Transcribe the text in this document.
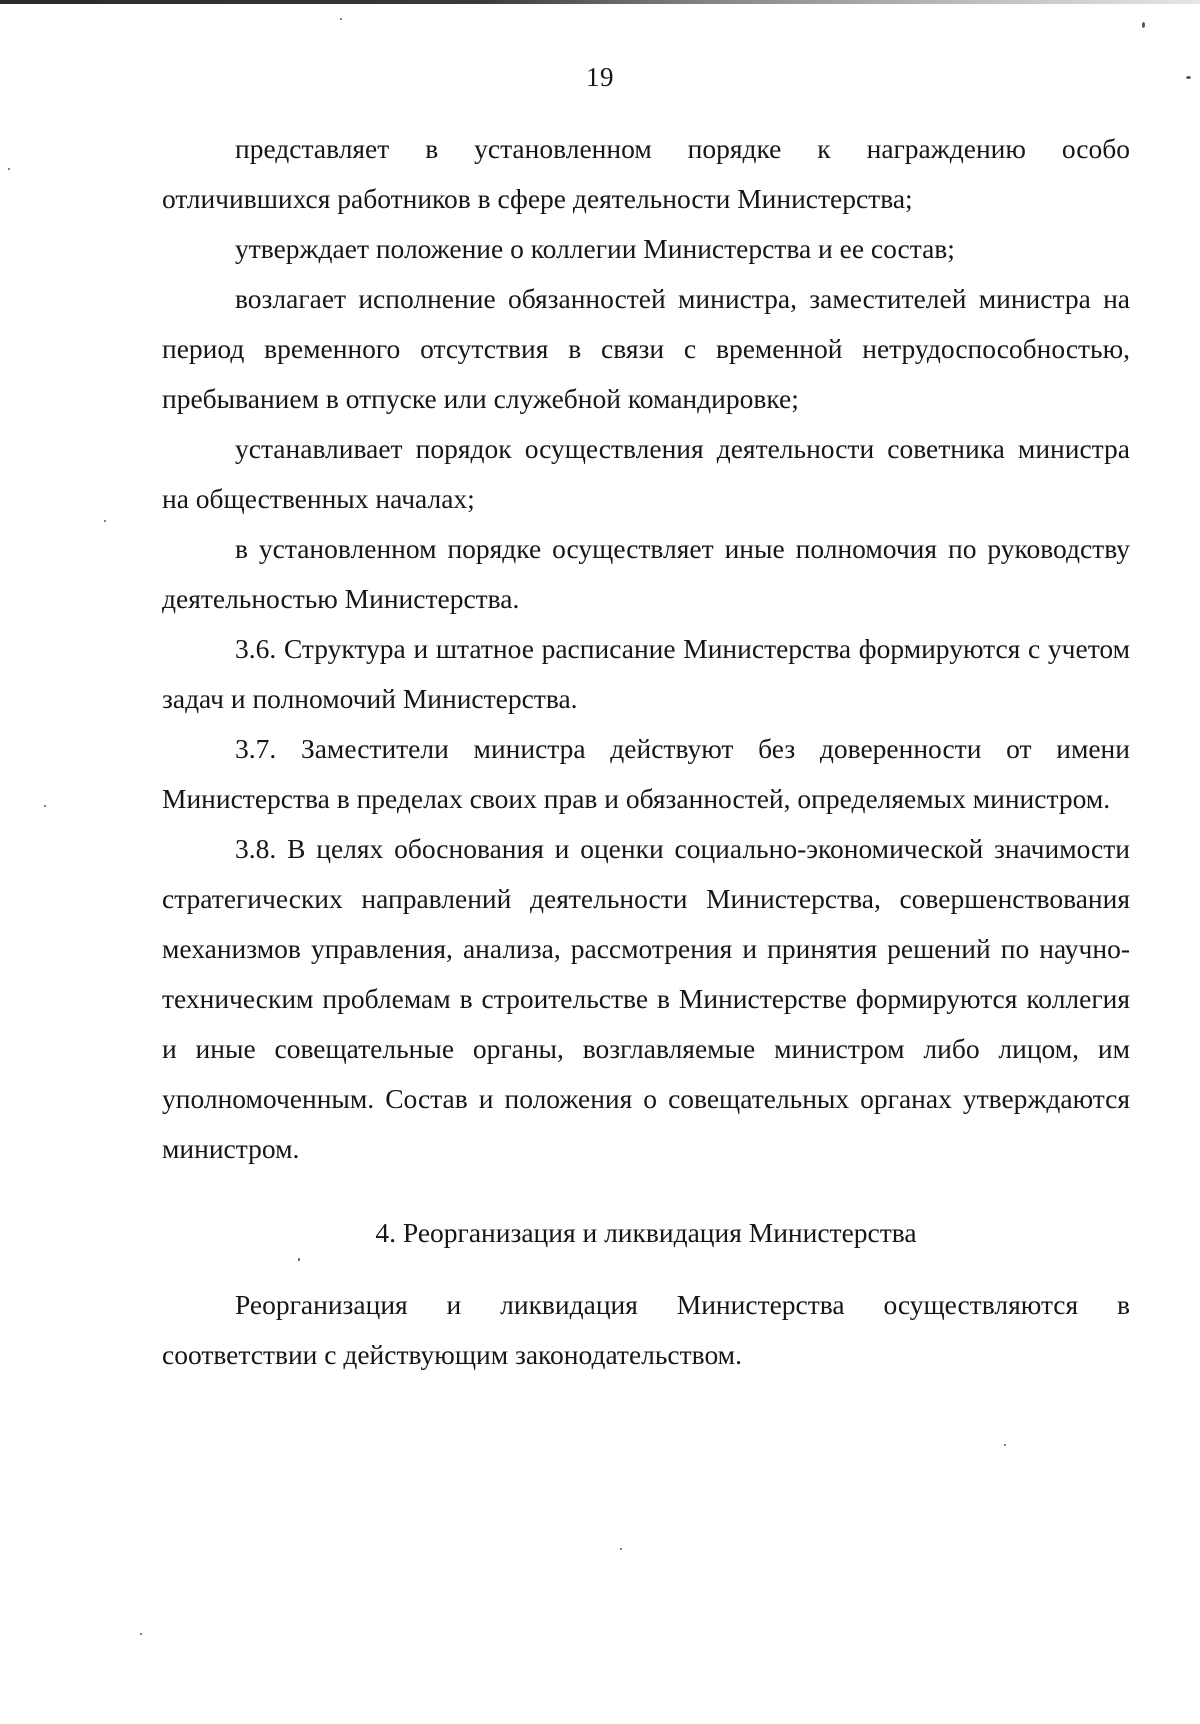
19

представляет в установленном порядке к награждению особо отличившихся работников в сфере деятельности Министерства;

утверждает положение о коллегии Министерства и ее состав;

возлагает исполнение обязанностей министра, заместителей министра на период временного отсутствия в связи с временной нетрудоспособностью, пребыванием в отпуске или служебной командировке;

устанавливает порядок осуществления деятельности советника министра на общественных началах;

в установленном порядке осуществляет иные полномочия по руководству деятельностью Министерства.

3.6. Структура и штатное расписание Министерства формируются с учетом задач и полномочий Министерства.

3.7. Заместители министра действуют без доверенности от имени Министерства в пределах своих прав и обязанностей, определяемых министром.

3.8. В целях обоснования и оценки социально-экономической значимости стратегических направлений деятельности Министерства, совершенствования механизмов управления, анализа, рассмотрения и принятия решений по научно-техническим проблемам в строительстве в Министерстве формируются коллегия и иные совещательные органы, возглавляемые министром либо лицом, им уполномоченным. Состав и положения о совещательных органах утверждаются министром.

4. Реорганизация и ликвидация Министерства

Реорганизация и ликвидация Министерства осуществляются в соответствии с действующим законодательством.
